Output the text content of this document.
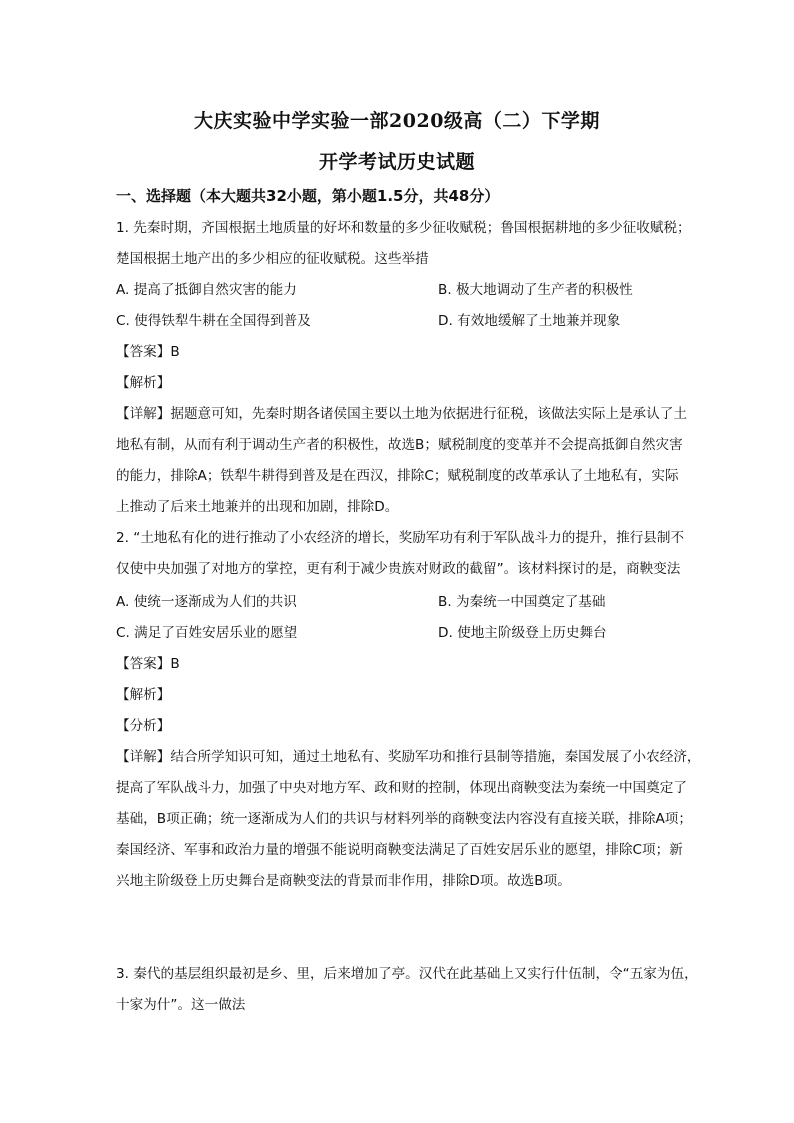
大庆实验中学实验一部2020级高（二）下学期
开学考试历史试题
一、选择题（本大题共32小题，第小题1.5分，共48分）
1. 先秦时期，齐国根据土地质量的好坏和数量的多少征收赋税；鲁国根据耕地的多少征收赋税；
楚国根据土地产出的多少相应的征收赋税。这些举措
A. 提高了抵御自然灾害的能力	B. 极大地调动了生产者的积极性
C. 使得铁犁牛耕在全国得到普及	D. 有效地缓解了土地兼并现象
【答案】B
【解析】
【详解】据题意可知，先秦时期各诸侯国主要以土地为依据进行征税，该做法实际上是承认了土
地私有制，从而有利于调动生产者的积极性，故选B；赋税制度的变革并不会提高抵御自然灾害
的能力，排除A；铁犁牛耕得到普及是在西汉，排除C；赋税制度的改革承认了土地私有，实际
上推动了后来土地兼并的出现和加剧，排除D。
2. “土地私有化的进行推动了小农经济的增长，奖励军功有利于军队战斗力的提升，推行县制不
仅使中央加强了对地方的掌控，更有利于减少贵族对财政的截留”。该材料探讨的是，商鞅变法
A. 使统一逐渐成为人们的共识	B. 为秦统一中国奠定了基础
C. 满足了百姓安居乐业的愿望	D. 使地主阶级登上历史舞台
【答案】B
【解析】
【分析】
【详解】结合所学知识可知，通过土地私有、奖励军功和推行县制等措施，秦国发展了小农经济，
提高了军队战斗力，加强了中央对地方军、政和财的控制，体现出商鞅变法为秦统一中国奠定了
基础，B项正确；统一逐渐成为人们的共识与材料列举的商鞅变法内容没有直接关联，排除A项；
秦国经济、军事和政治力量的增强不能说明商鞅变法满足了百姓安居乐业的愿望，排除C项；新
兴地主阶级登上历史舞台是商鞅变法的背景而非作用，排除D项。故选B项。
3. 秦代的基层组织最初是乡、里，后来增加了亭。汉代在此基础上又实行什伍制，令“五家为伍，
十家为什”。这一做法
